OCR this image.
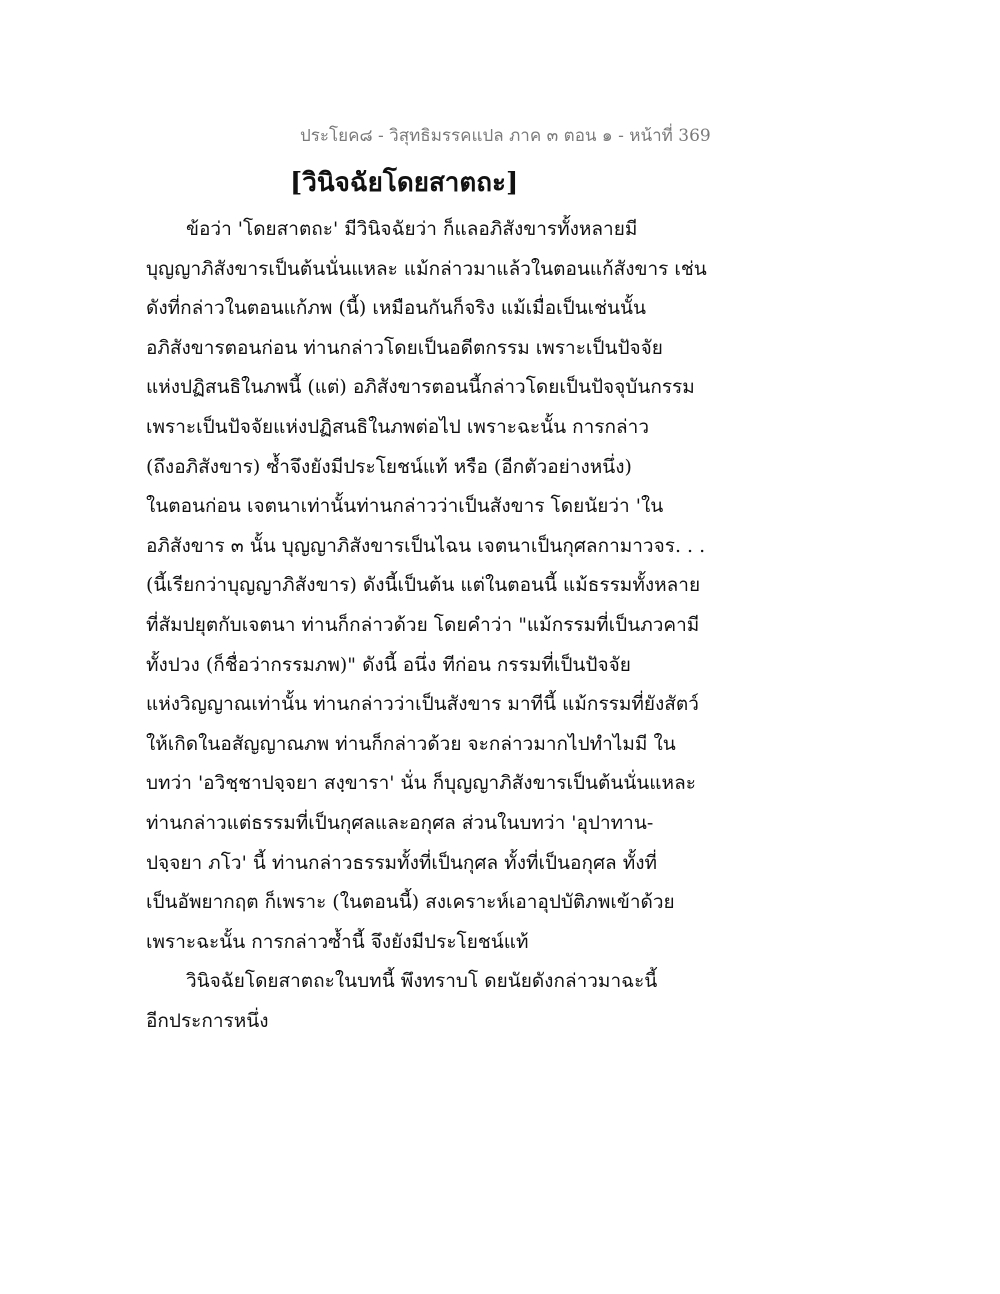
ประโยค๘ - วิสุทธิมรรคแปล ภาค ๓ ตอน ๑ - หน้าที่ 369
[วินิจฉัยโดยสาตถะ]
ข้อว่า 'โดยสาตถะ' มีวินิจฉัยว่า ก็แลอภิสังขารทั้งหลายมี
บุญญาภิสังขารเป็นต้นนั่นแหละ แม้กล่าวมาแล้วในตอนแก้สังขาร เช่น
ดังที่กล่าวในตอนแก้ภพ (นี้) เหมือนกันก็จริง แม้เมื่อเป็นเช่นนั้น
อภิสังขารตอนก่อน ท่านกล่าวโดยเป็นอดีตกรรม เพราะเป็นปัจจัย
แห่งปฏิสนธิในภพนี้ (แต่) อภิสังขารตอนนี้กล่าวโดยเป็นปัจจุบันกรรม
เพราะเป็นปัจจัยแห่งปฏิสนธิในภพต่อไป เพราะฉะนั้น การกล่าว
(ถึงอภิสังขาร) ซ้ำจึงยังมีประโยชน์แท้ หรือ (อีกตัวอย่างหนึ่ง)
ในตอนก่อน เจตนาเท่านั้นท่านกล่าวว่าเป็นสังขาร โดยนัยว่า 'ใน
อภิสังขาร ๓ นั้น บุญญาภิสังขารเป็นไฉน เจตนาเป็นกุศลกามาวจร. . .
(นี้เรียกว่าบุญญาภิสังขาร) ดังนี้เป็นต้น แต่ในตอนนี้ แม้ธรรมทั้งหลาย
ที่สัมปยุตกับเจตนา ท่านก็กล่าวด้วย โดยคำว่า "แม้กรรมที่เป็นภวคามี
ทั้งปวง (ก็ชื่อว่ากรรมภพ)" ดังนี้ อนึ่ง ทีก่อน กรรมที่เป็นปัจจัย
แห่งวิญญาณเท่านั้น ท่านกล่าวว่าเป็นสังขาร มาทีนี้ แม้กรรมที่ยังสัตว์
ให้เกิดในอสัญญาณภพ ท่านก็กล่าวด้วย จะกล่าวมากไปทำไมมี ใน
บทว่า 'อวิชฺชาปจฺจยา สงฺขารา' นั่น ก็บุญญาภิสังขารเป็นต้นนั่นแหละ
ท่านกล่าวแต่ธรรมที่เป็นกุศลและอกุศล ส่วนในบทว่า 'อุปาทาน-
ปจฺจยา ภโว' นี้ ท่านกล่าวธรรมทั้งที่เป็นกุศล ทั้งที่เป็นอกุศล ทั้งที่
เป็นอัพยากฤต ก็เพราะ (ในตอนนี้) สงเคราะห์เอาอุปบัติภพเข้าด้วย
เพราะฉะนั้น การกล่าวซ้ำนี้ จึงยังมีประโยชน์แท้
วินิจฉัยโดยสาตถะในบทนี้ พึงทราบโ ดยนัยดังกล่าวมาฉะนี้
อีกประการหนึ่ง
